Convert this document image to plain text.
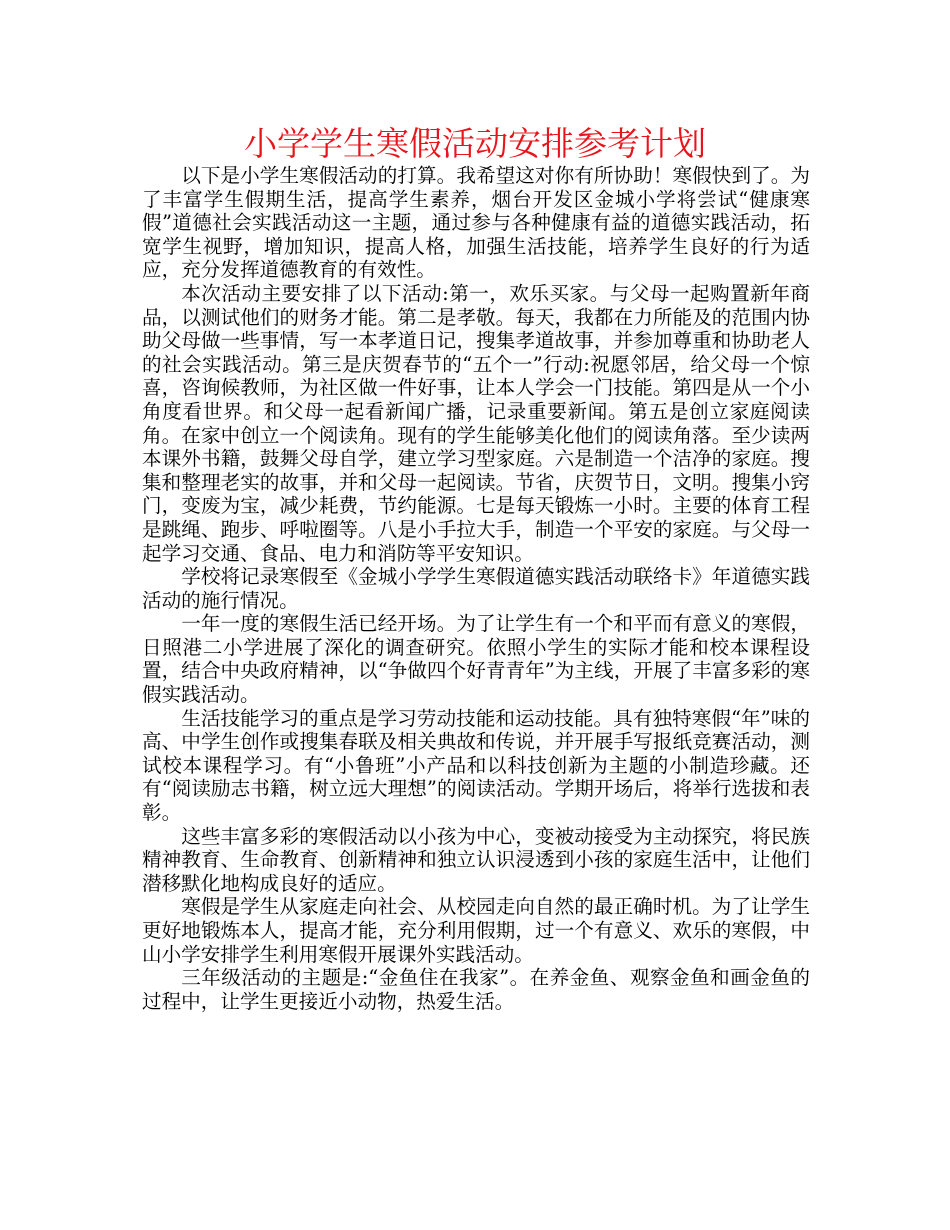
小学学生寒假活动安排参考计划

以下是小学生寒假活动的打算。我希望这对你有所协助！寒假快到了。为了丰富学生假期生活，提高学生素养，烟台开发区金城小学将尝试“健康寒假”道德社会实践活动这一主题，通过参与各种健康有益的道德实践活动，拓宽学生视野，增加知识，提高人格，加强生活技能，培养学生良好的行为适应，充分发挥道德教育的有效性。

本次活动主要安排了以下活动:第一，欢乐买家。与父母一起购置新年商品，以测试他们的财务才能。第二是孝敬。每天，我都在力所能及的范围内协助父母做一些事情，写一本孝道日记，搜集孝道故事，并参加尊重和协助老人的社会实践活动。第三是庆贺春节的“五个一”行动:祝愿邻居，给父母一个惊喜，咨询候教师，为社区做一件好事，让本人学会一门技能。第四是从一个小角度看世界。和父母一起看新闻广播，记录重要新闻。第五是创立家庭阅读角。在家中创立一个阅读角。现有的学生能够美化他们的阅读角落。至少读两本课外书籍，鼓舞父母自学，建立学习型家庭。六是制造一个洁净的家庭。搜集和整理老实的故事，并和父母一起阅读。节省，庆贺节日，文明。搜集小窍门，变废为宝，减少耗费，节约能源。七是每天锻炼一小时。主要的体育工程是跳绳、跑步、呼啦圈等。八是小手拉大手，制造一个平安的家庭。与父母一起学习交通、食品、电力和消防等平安知识。

学校将记录寒假至《金城小学学生寒假道德实践活动联络卡》年道德实践活动的施行情况。

一年一度的寒假生活已经开场。为了让学生有一个和平而有意义的寒假，日照港二小学进展了深化的调查研究。依照小学生的实际才能和校本课程设置，结合中央政府精神，以“争做四个好青青年”为主线，开展了丰富多彩的寒假实践活动。

生活技能学习的重点是学习劳动技能和运动技能。具有独特寒假“年”味的高、中学生创作或搜集春联及相关典故和传说，并开展手写报纸竞赛活动，测试校本课程学习。有“小鲁班”小产品和以科技创新为主题的小制造珍藏。还有“阅读励志书籍，树立远大理想”的阅读活动。学期开场后，将举行选拔和表彰。

这些丰富多彩的寒假活动以小孩为中心，变被动接受为主动探究，将民族精神教育、生命教育、创新精神和独立认识浸透到小孩的家庭生活中，让他们潜移默化地构成良好的适应。

寒假是学生从家庭走向社会、从校园走向自然的最正确时机。为了让学生更好地锻炼本人，提高才能，充分利用假期，过一个有意义、欢乐的寒假，中山小学安排学生利用寒假开展课外实践活动。

三年级活动的主题是:“金鱼住在我家”。在养金鱼、观察金鱼和画金鱼的过程中，让学生更接近小动物，热爱生活。
